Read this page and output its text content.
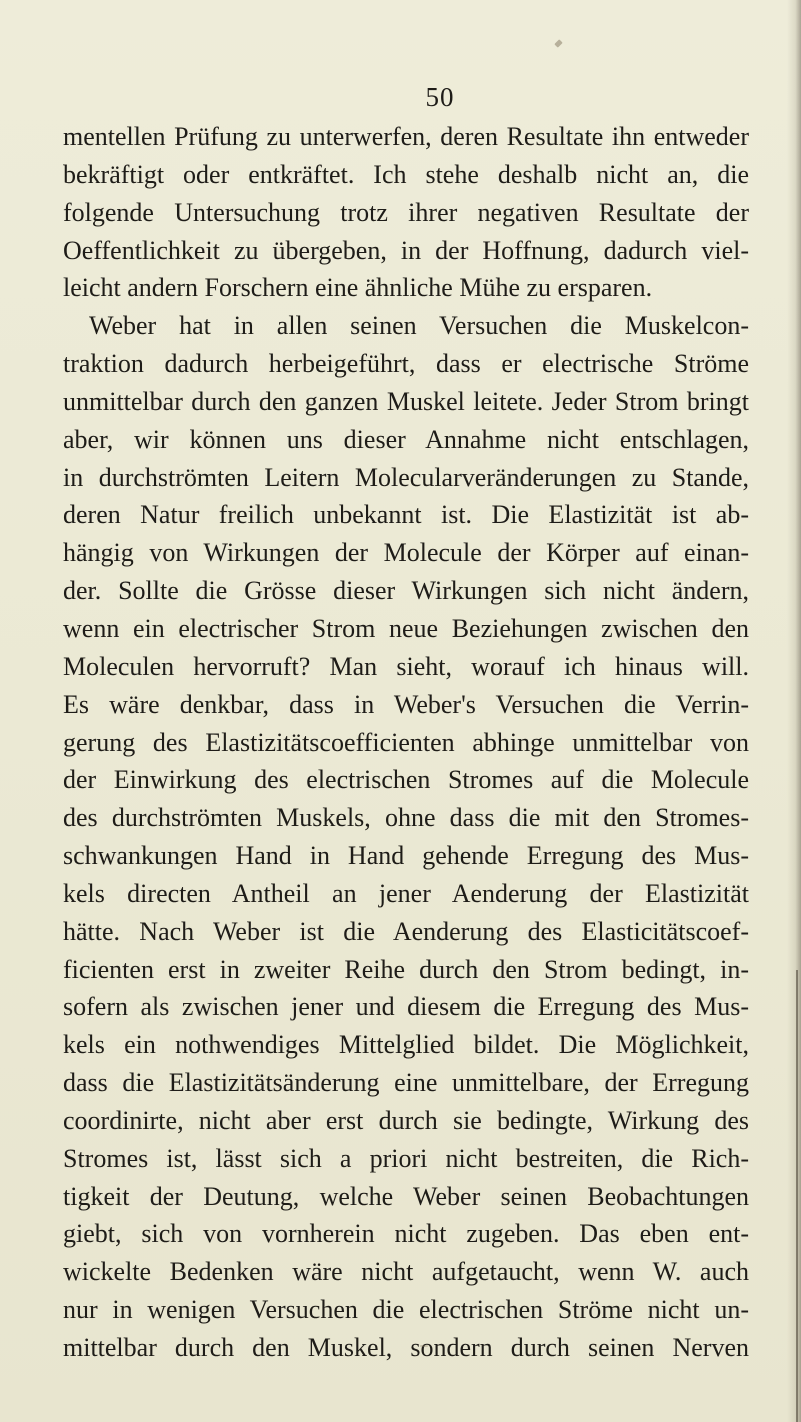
50
mentellen Prüfung zu unterwerfen, deren Resultate ihn entweder
bekräftigt oder entkräftet. Ich stehe deshalb nicht an, die
folgende Untersuchung trotz ihrer negativen Resultate der
Oeffentlichkeit zu übergeben, in der Hoffnung, dadurch viel-
leicht andern Forschern eine ähnliche Mühe zu ersparen.
Weber hat in allen seinen Versuchen die Muskelcon-
traktion dadurch herbeigeführt, dass er electrische Ströme
unmittelbar durch den ganzen Muskel leitete. Jeder Strom bringt
aber, wir können uns dieser Annahme nicht entschlagen,
in durchströmten Leitern Molecularveränderungen zu Stande,
deren Natur freilich unbekannt ist. Die Elastizität ist ab-
hängig von Wirkungen der Molecule der Körper auf einan-
der. Sollte die Grösse dieser Wirkungen sich nicht ändern,
wenn ein electrischer Strom neue Beziehungen zwischen den
Moleculen hervorruft? Man sieht, worauf ich hinaus will.
Es wäre denkbar, dass in Weber's Versuchen die Verrin-
gerung des Elastizitätscoefficienten abhinge unmittelbar von
der Einwirkung des electrischen Stromes auf die Molecule
des durchströmten Muskels, ohne dass die mit den Stromes-
schwankungen Hand in Hand gehende Erregung des Mus-
kels directen Antheil an jener Aenderung der Elastizität
hätte. Nach Weber ist die Aenderung des Elasticitätscoef-
ficienten erst in zweiter Reihe durch den Strom bedingt, in-
sofern als zwischen jener und diesem die Erregung des Mus-
kels ein nothwendiges Mittelglied bildet. Die Möglichkeit,
dass die Elastizitätsänderung eine unmittelbare, der Erregung
coordinirte, nicht aber erst durch sie bedingte, Wirkung des
Stromes ist, lässt sich a priori nicht bestreiten, die Rich-
tigkeit der Deutung, welche Weber seinen Beobachtungen
giebt, sich von vornherein nicht zugeben. Das eben ent-
wickelte Bedenken wäre nicht aufgetaucht, wenn W. auch
nur in wenigen Versuchen die electrischen Ströme nicht un-
mittelbar durch den Muskel, sondern durch seinen Nerven
